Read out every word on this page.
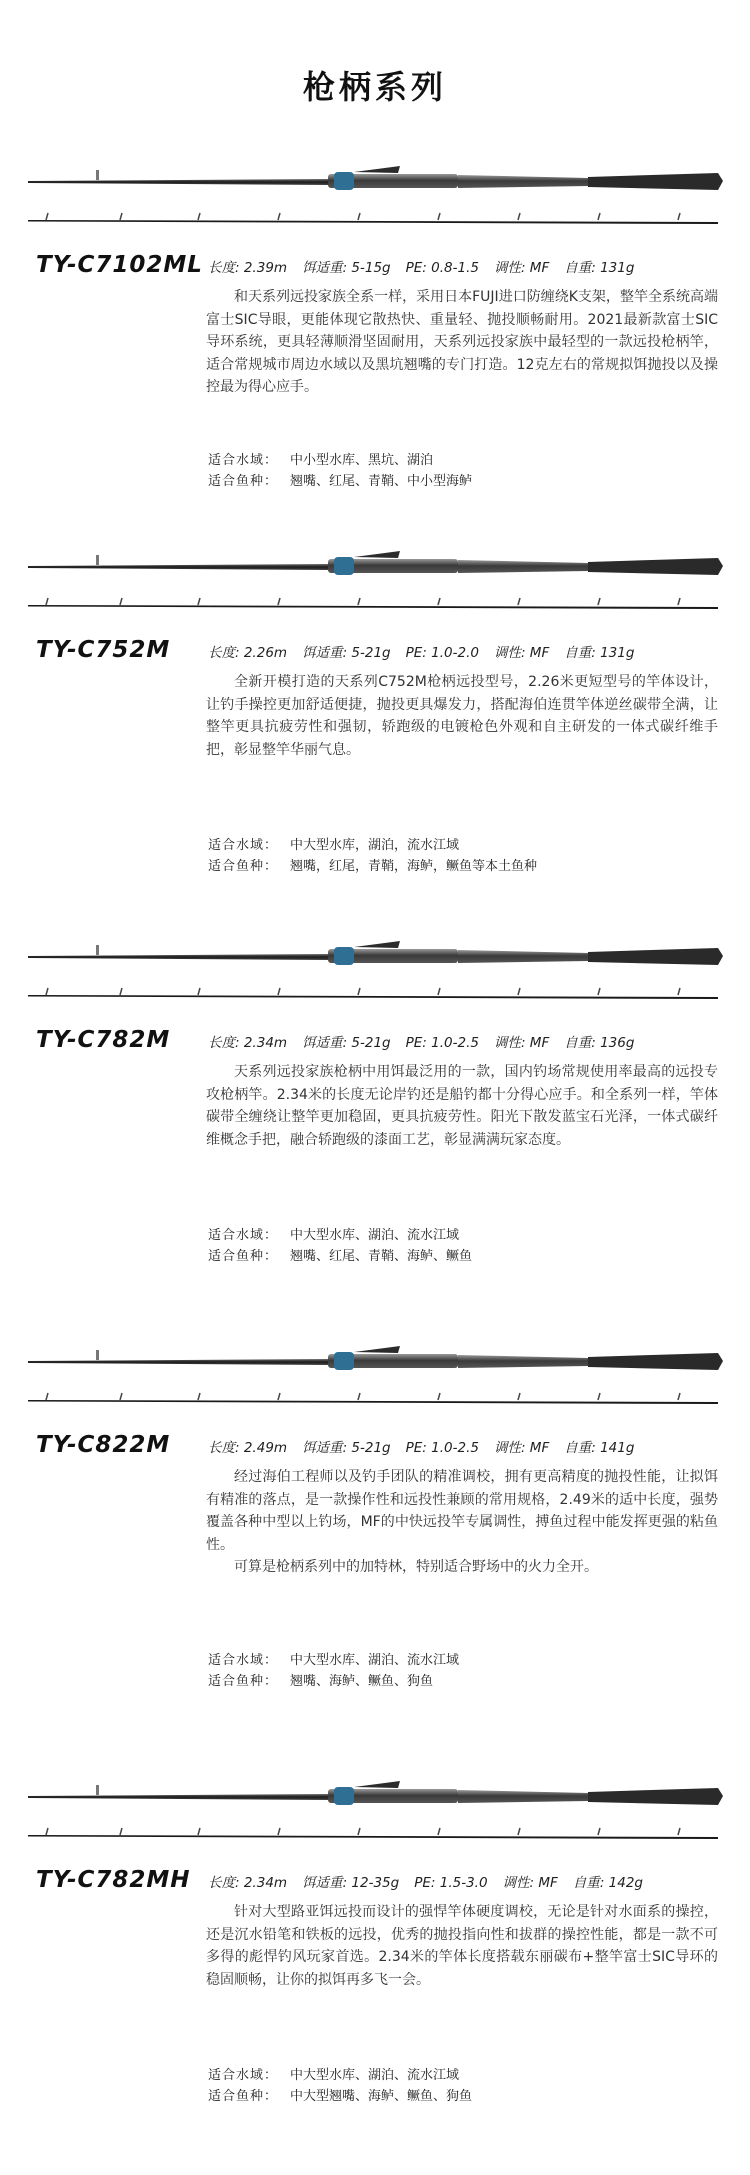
枪柄系列
TY-C7102ML 长度: 2.39m 饵适重: 5-15g PE: 0.8-1.5 调性: MF 自重: 131g

和天系列远投家族全系一样，采用日本FUJI进口防缠绕K支架，整竿全系统高端富士SIC导眼，更能体现它散热快、重量轻、抛投顺畅耐用。2021最新款富士SIC导环系统，更具轻薄顺滑坚固耐用，天系列远投家族中最轻型的一款远投枪柄竿，适合常规城市周边水域以及黑坑翘嘴的专门打造。12克左右的常规拟饵抛投以及操控最为得心应手。

适合水域： 中小型水库、黑坑、湖泊
适合鱼种： 翘嘴、红尾、青鞘、中小型海鲈
TY-C752M	长度: 2.26m 饵适重: 5-21g PE: 1.0-2.0 调性: MF 自重: 131g

全新开模打造的天系列C752M枪柄远投型号，2.26米更短型号的竿体设计，让钓手操控更加舒适便捷，抛投更具爆发力，搭配海伯连贯竿体逆丝碳带全满，让整竿更具抗疲劳性和强韧，轿跑级的电镀枪色外观和自主研发的一体式碳纤维手把，彰显整竿华丽气息。

适合水域： 中大型水库，湖泊，流水江域
适合鱼种： 翘嘴，红尾，青鞘，海鲈，鳜鱼等本土鱼种
TY-C782M	长度: 2.34m 饵适重: 5-21g PE: 1.0-2.5 调性: MF 自重: 136g

天系列远投家族枪柄中用饵最泛用的一款，国内钓场常规使用率最高的远投专攻枪柄竿。2.34米的长度无论岸钓还是船钓都十分得心应手。和全系列一样，竿体碳带全缠绕让整竿更加稳固，更具抗疲劳性。阳光下散发蓝宝石光泽，一体式碳纤维概念手把，融合轿跑级的漆面工艺，彰显满满玩家态度。

适合水域： 中大型水库、湖泊、流水江域
适合鱼种： 翘嘴、红尾、青鞘、海鲈、鳜鱼
TY-C822M	长度: 2.49m 饵适重: 5-21g PE: 1.0-2.5 调性: MF 自重: 141g

经过海伯工程师以及钓手团队的精准调校，拥有更高精度的抛投性能，让拟饵有精准的落点，是一款操作性和远投性兼顾的常用规格，2.49米的适中长度，强势覆盖各种中型以上钓场，MF的中快远投竿专属调性，搏鱼过程中能发挥更强的粘鱼性。

可算是枪柄系列中的加特林，特别适合野场中的火力全开。

适合水域： 中大型水库、湖泊、流水江域
适合鱼种： 翘嘴、海鲈、鳜鱼、狗鱼
TY-C782MH 长度: 2.34m 饵适重: 12-35g PE: 1.5-3.0 调性: MF 自重: 142g

针对大型路亚饵远投而设计的强悍竿体硬度调校，无论是针对水面系的操控，还是沉水铅笔和铁板的远投，优秀的抛投指向性和拔群的操控性能，都是一款不可多得的彪悍钓风玩家首选。2.34米的竿体长度搭载东丽碳布+整竿富士SIC导环的稳固顺畅，让你的拟饵再多飞一会。

适合水域： 中大型水库、湖泊、流水江域
适合鱼种： 中大型翘嘴、海鲈、鳜鱼、狗鱼
